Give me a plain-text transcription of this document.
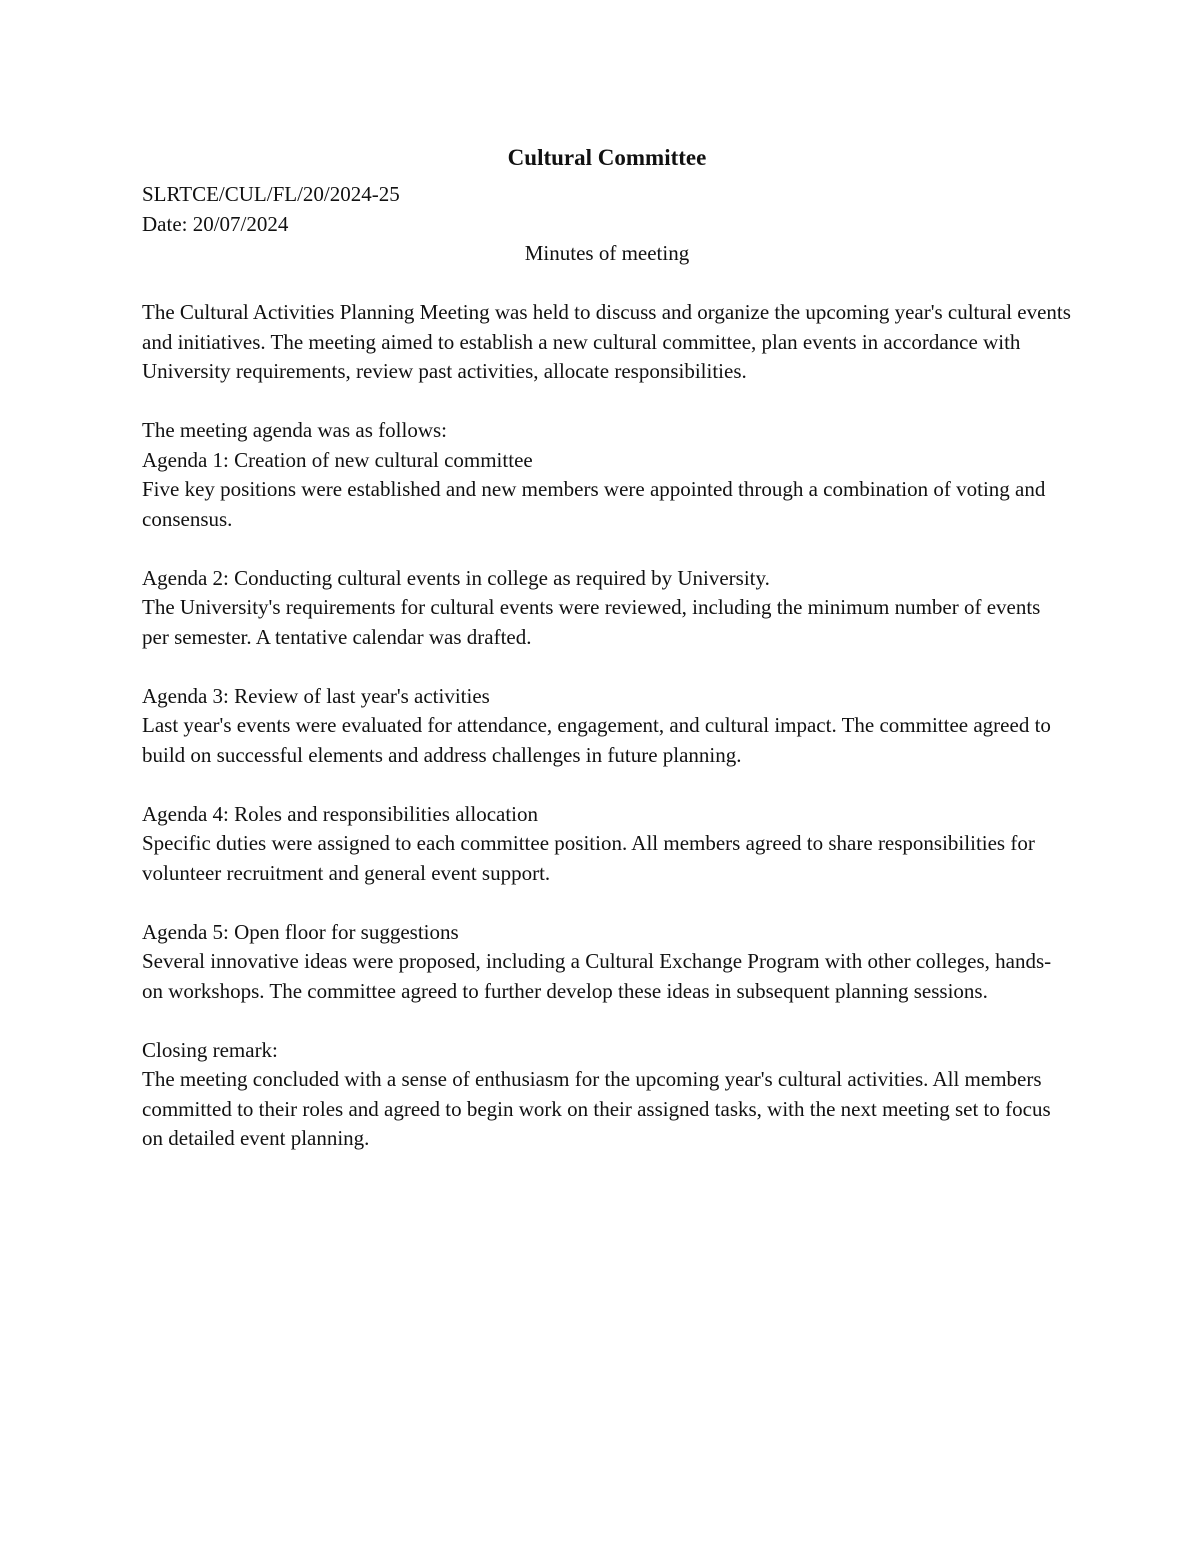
Cultural Committee

SLRTCE/CUL/FL/20/2024-25

Date: 20/07/2024

Minutes of meeting

The Cultural Activities Planning Meeting was held to discuss and organize the upcoming year's cultural events and initiatives. The meeting aimed to establish a new cultural committee, plan events in accordance with University requirements, review past activities, allocate responsibilities.

The meeting agenda was as follows:

Agenda 1: Creation of new cultural committee

Five key positions were established and new members were appointed through a combination of voting and consensus.

Agenda 2: Conducting cultural events in college as required by University.

The University's requirements for cultural events were reviewed, including the minimum number of events per semester. A tentative calendar was drafted.

Agenda 3: Review of last year's activities

Last year's events were evaluated for attendance, engagement, and cultural impact. The committee agreed to build on successful elements and address challenges in future planning.

Agenda 4: Roles and responsibilities allocation

Specific duties were assigned to each committee position. All members agreed to share responsibilities for volunteer recruitment and general event support.

Agenda 5: Open floor for suggestions

Several innovative ideas were proposed, including a Cultural Exchange Program with other colleges, hands-on workshops. The committee agreed to further develop these ideas in subsequent planning sessions.

Closing remark:

The meeting concluded with a sense of enthusiasm for the upcoming year's cultural activities. All members committed to their roles and agreed to begin work on their assigned tasks, with the next meeting set to focus on detailed event planning.
